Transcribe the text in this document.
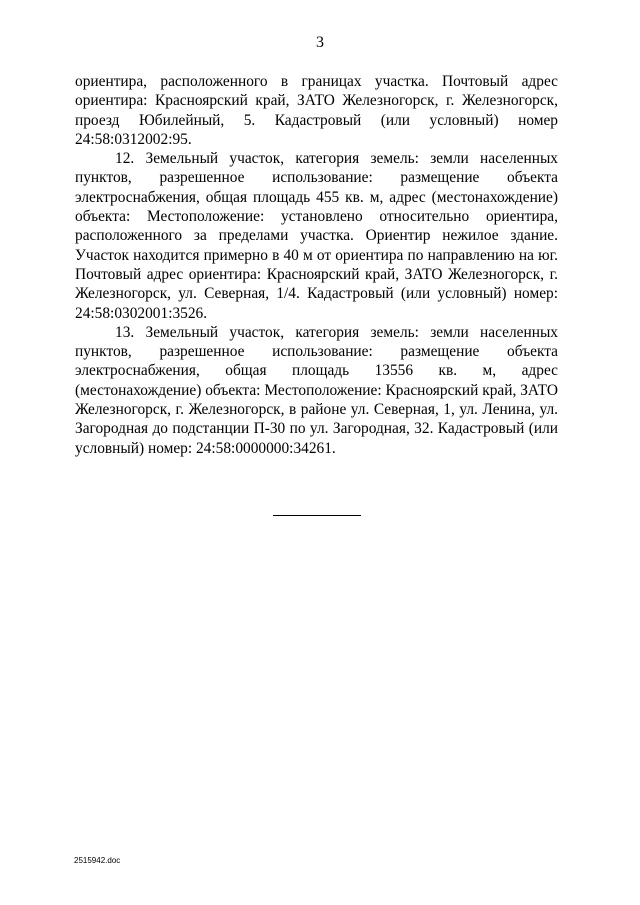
3

ориентира, расположенного в границах участка. Почтовый адрес ориентира: Красноярский край, ЗАТО Железногорск, г. Железногорск, проезд Юбилейный, 5. Кадастровый (или условный) номер 24:58:0312002:95.

12. Земельный участок, категория земель: земли населенных пунктов, разрешенное использование: размещение объекта электроснабжения, общая площадь 455 кв. м, адрес (местонахождение) объекта: Местоположение: установлено относительно ориентира, расположенного за пределами участка. Ориентир нежилое здание. Участок находится примерно в 40 м от ориентира по направлению на юг. Почтовый адрес ориентира: Красноярский край, ЗАТО Железногорск, г. Железногорск, ул. Северная, 1/4. Кадастровый (или условный) номер: 24:58:0302001:3526.

13. Земельный участок, категория земель: земли населенных пунктов, разрешенное использование: размещение объекта электроснабжения, общая площадь 13556 кв. м, адрес (местонахождение) объекта: Местоположение: Красноярский край, ЗАТО Железногорск, г. Железногорск, в районе ул. Северная, 1, ул. Ленина, ул. Загородная до подстанции П-30 по ул. Загородная, 32. Кадастровый (или условный) номер: 24:58:0000000:34261.

2515942.doc
